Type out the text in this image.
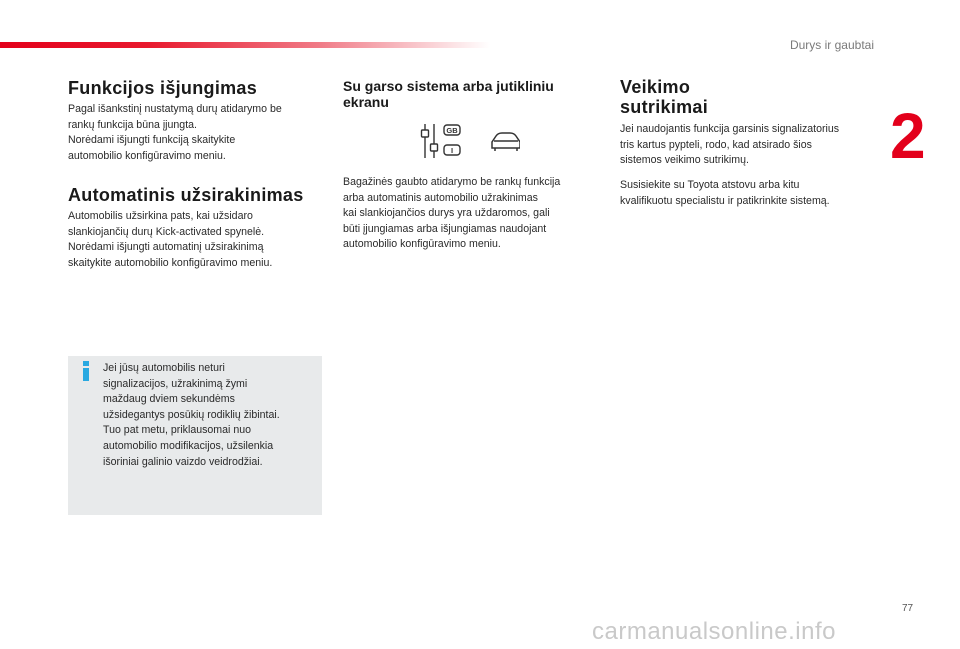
Durys ir gaubtai
2
Funkcijos išjungimas

Pagal išankstinį nustatymą durų atidarymo be

rankų funkcija būna įjungta.

Norėdami išjungti funkciją skaitykite

automobilio konfigūravimo meniu.

Automatinis užsirakinimas

Automobilis užsirkina pats, kai užsidaro

slankiojančių durų Kick-activated spynelė.

Norėdami išjungti automatinį užsirakinimą

skaitykite automobilio konfigūravimo meniu.

Jei jūsų automobilis neturi

signalizacijos, užrakinimą žymi

maždaug dviem sekundėms

užsidegantys posūkių rodiklių žibintai.

Tuo pat metu, priklausomai nuo

automobilio modifikacijos, užsilenkia

išoriniai galinio vaizdo veidrodžiai.

Su garso sistema arba jutikliniu
ekranu
GB
I

Bagažinės gaubto atidarymo be rankų funkcija

arba automatinis automobilio užrakinimas

kai slankiojančios durys yra uždaromos, gali

būti įjungiamas arba išjungiamas naudojant

automobilio konfigūravimo meniu.

Veikimo
sutrikimai

Jei naudojantis funkcija garsinis signalizatorius

tris kartus pypteli, rodo, kad atsirado šios

sistemos veikimo sutrikimų.

Susisiekite su Toyota atstovu arba kitu

kvalifikuotu specialistu ir patikrinkite sistemą.

77
carmanualsonline.info
